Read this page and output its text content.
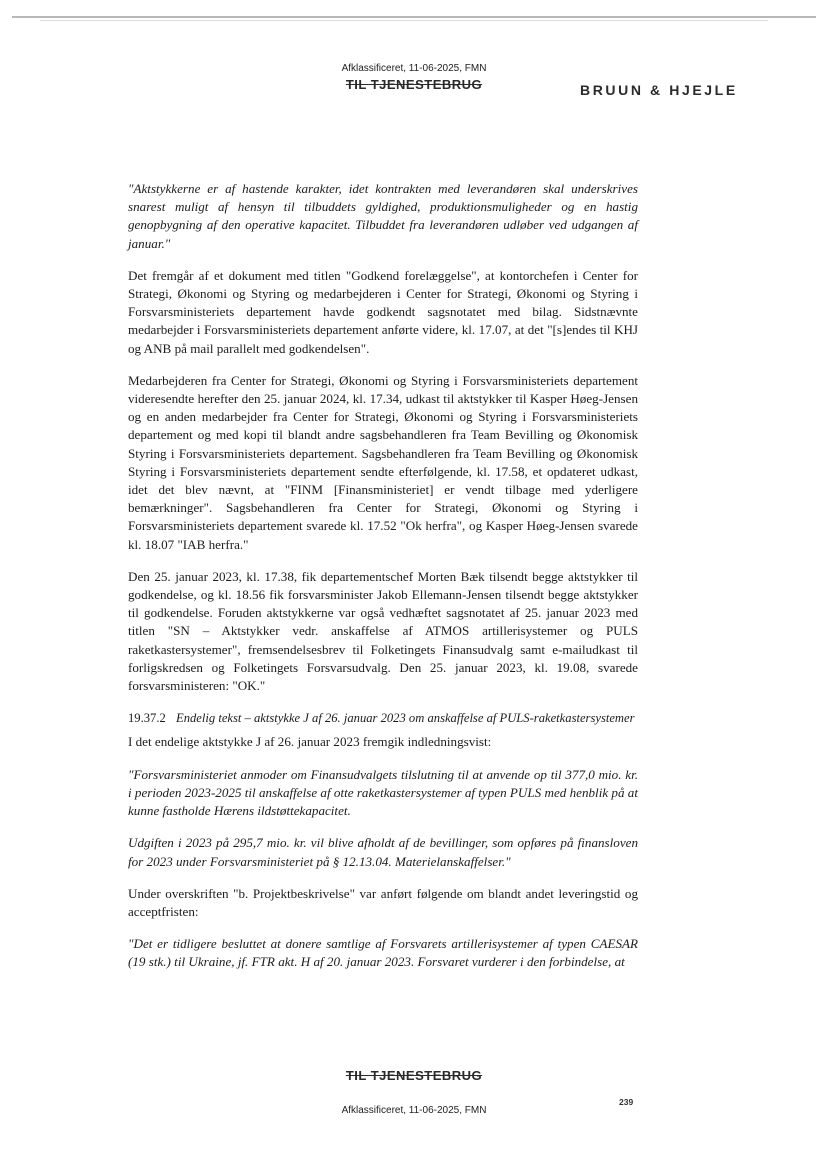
Afklassificeret, 11-06-2025, FMN
TIL TJENESTEBRUG	BRUUN & HJEJLE

"Aktstykkerne er af hastende karakter, idet kontrakten med leverandøren skal underskrives snarest muligt af hensyn til tilbuddets gyldighed, produktionsmuligheder og en hastig genopbygning af den operative kapacitet. Tilbuddet fra leverandøren udløber ved udgangen af januar."

Det fremgår af et dokument med titlen "Godkend forelæggelse", at kontorchefen i Center for Strategi, Økonomi og Styring og medarbejderen i Center for Strategi, Økonomi og Styring i Forsvarsministeriets departement havde godkendt sagsnotatet med bilag. Sidstnævnte medarbejder i Forsvarsministeriets departement anførte videre, kl. 17.07, at det "[s]endes til KHJ og ANB på mail parallelt med godkendelsen".

Medarbejderen fra Center for Strategi, Økonomi og Styring i Forsvarsministeriets departement videresendte herefter den 25. januar 2024, kl. 17.34, udkast til aktstykker til Kasper Høeg-Jensen og en anden medarbejder fra Center for Strategi, Økonomi og Styring i Forsvarsministeriets departement og med kopi til blandt andre sagsbehandleren fra Team Bevilling og Økonomisk Styring i Forsvarsministeriets departement. Sagsbehandleren fra Team Bevilling og Økonomisk Styring i Forsvarsministeriets departement sendte efterfølgende, kl. 17.58, et opdateret udkast, idet det blev nævnt, at "FINM [Finansministeriet] er vendt tilbage med yderligere bemærkninger". Sagsbehandleren fra Center for Strategi, Økonomi og Styring i Forsvarsministeriets departement svarede kl. 17.52 "Ok herfra", og Kasper Høeg-Jensen svarede kl. 18.07 "IAB herfra."

Den 25. januar 2023, kl. 17.38, fik departementschef Morten Bæk tilsendt begge aktstykker til godkendelse, og kl. 18.56 fik forsvarsminister Jakob Ellemann-Jensen tilsendt begge aktstykker til godkendelse. Foruden aktstykkerne var også vedhæftet sagsnotatet af 25. januar 2023 med titlen "SN – Aktstykker vedr. anskaffelse af ATMOS artillerisystemer og PULS raketkastersystemer", fremsendelsesbrev til Folketingets Finansudvalg samt e-mailudkast til forligskredsen og Folketingets Forsvarsudvalg. Den 25. januar 2023, kl. 19.08, svarede forsvarsministeren: "OK."

19.37.2 Endelig tekst – aktstykke J af 26. januar 2023 om anskaffelse af PULS-raketkastersystemer

I det endelige aktstykke J af 26. januar 2023 fremgik indledningsvist:

"Forsvarsministeriet anmoder om Finansudvalgets tilslutning til at anvende op til 377,0 mio. kr. i perioden 2023-2025 til anskaffelse af otte raketkastersystemer af typen PULS med henblik på at kunne fastholde Hærens ildstøttekapacitet.

Udgiften i 2023 på 295,7 mio. kr. vil blive afholdt af de bevillinger, som opføres på finansloven for 2023 under Forsvarsministeriet på § 12.13.04. Materielanskaffelser."

Under overskriften "b. Projektbeskrivelse" var anført følgende om blandt andet leveringstid og acceptfristen:

"Det er tidligere besluttet at donere samtlige af Forsvarets artillerisystemer af typen CAESAR (19 stk.) til Ukraine, jf. FTR akt. H af 20. januar 2023. Forsvaret vurderer i den forbindelse, at

TIL TJENESTEBRUG
239
Afklassificeret, 11-06-2025, FMN
